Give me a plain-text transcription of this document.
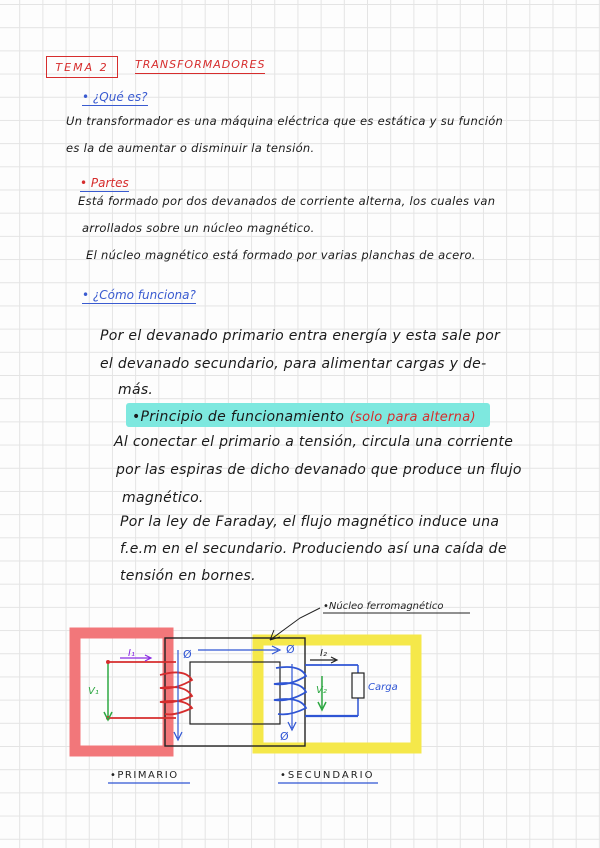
TEMA 2 TRANSFORMADORES
• ¿Qué es?
Un transformador es una máquina eléctrica que es estática y su función
es la de aumentar o disminuir la tensión.
• Partes
Está formado por dos devanados de corriente alterna, los cuales van
arrollados sobre un núcleo magnético.
El núcleo magnético está formado por varias planchas de acero.
• ¿Cómo funciona?
Por el devanado primario entra energía y esta sale por
el devanado secundario, para alimentar cargas y de-
más.
•Principio de funcionamiento (solo para alterna)
Al conectar el primario a tensión, circula una corriente
por las espiras de dicho devanado que produce un flujo
magnético.
Por la ley de Faraday, el flujo magnético induce una
f.e.m en el secundario. Produciendo así una caída de
tensión en bornes.
I₁
V₁
Ø	Ø
Ø
I₂
V₂	Carga
•Núcleo ferromagnético
•PRIMARIO	•SECUNDARIO
